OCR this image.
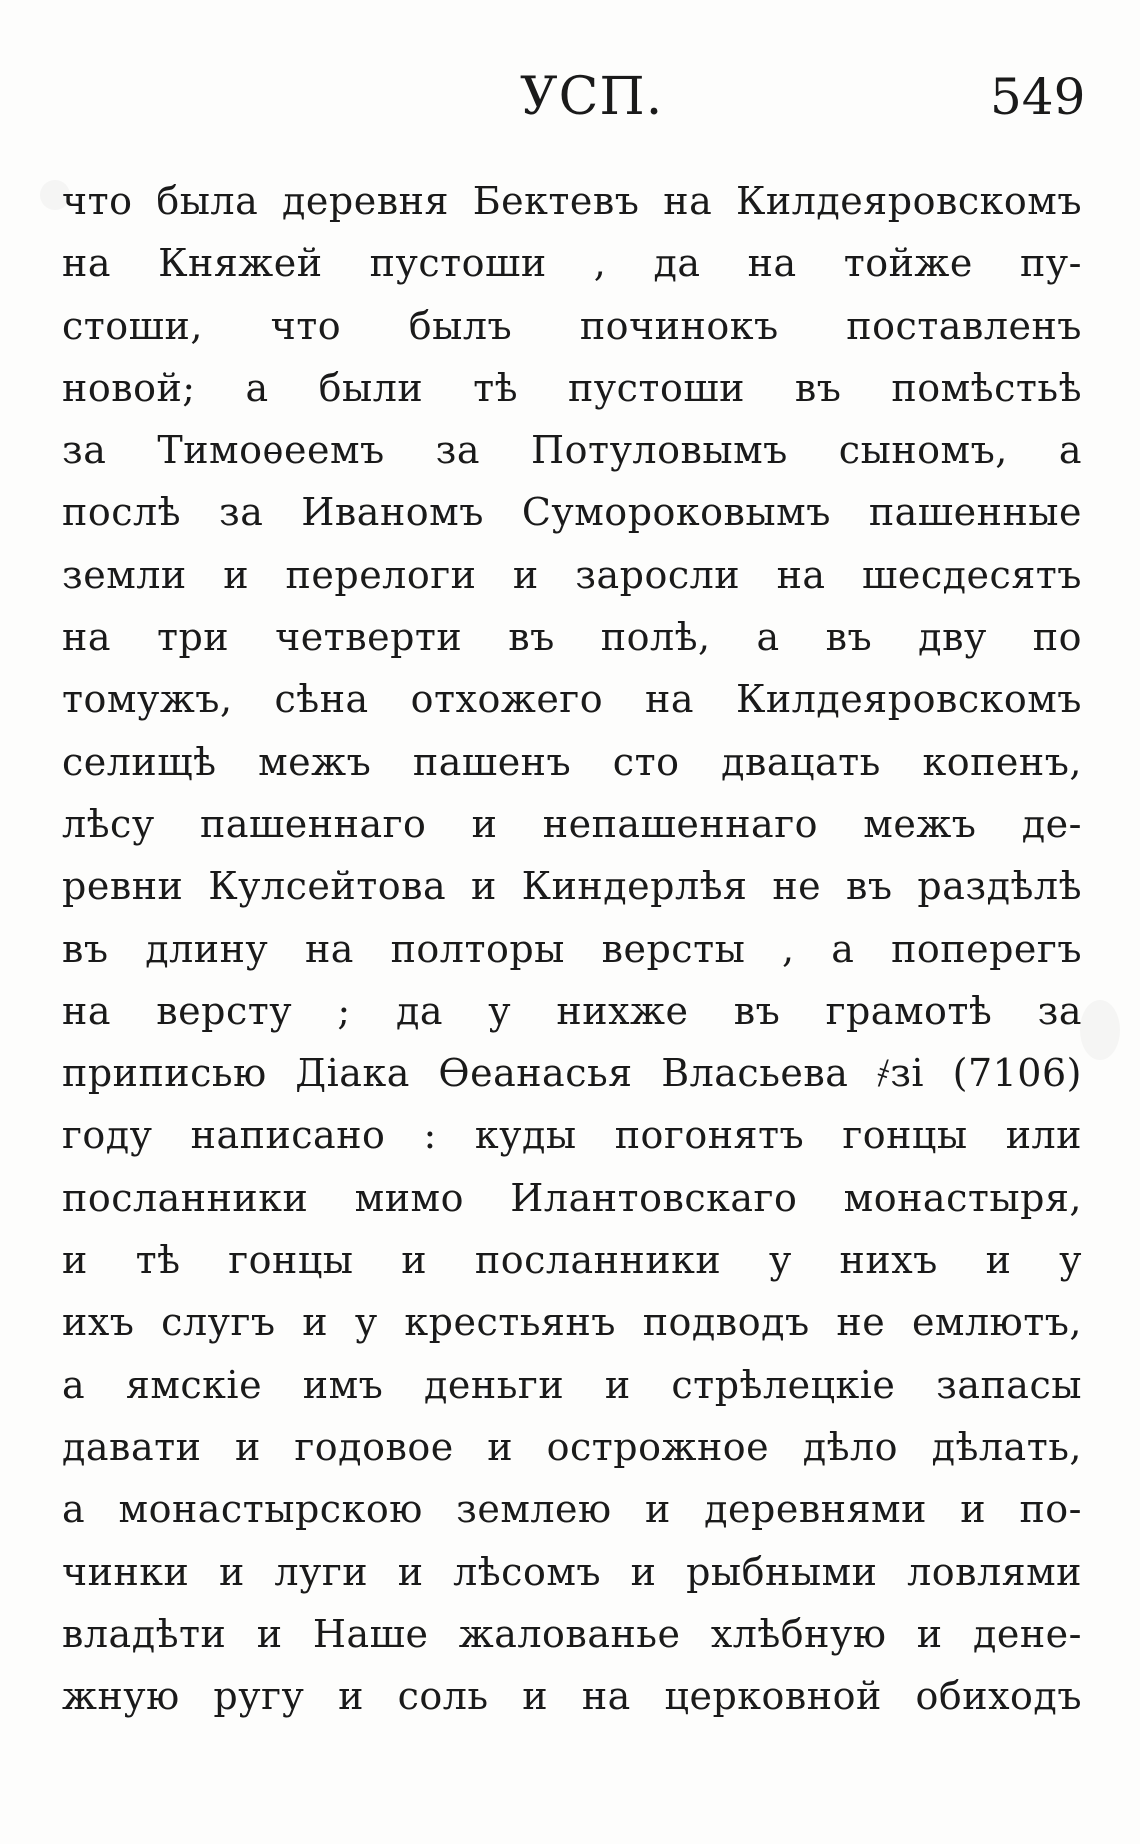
УСП.	549
что была деревня Бектевъ на Килдеяровскомъ
на Княжей пустоши , да на тойже пу-
стоши, что былъ починокъ поставленъ
новой; а были тѣ пустоши въ помѣстьѣ
за Тимоѳеемъ за Потуловымъ сыномъ, а
послѣ за Иваномъ Сумороковымъ пашенные
земли и перелоги и заросли на шесдесятъ
на три четверти въ полѣ, а въ дву по
томужъ, сѣна отхожего на Килдеяровскомъ
селищѣ межъ пашенъ сто двацать копенъ,
лѣсу пашеннаго и непашеннаго межъ де-
ревни Кулсейтова и Киндерлѣя не въ раздѣлѣ
въ длину на полторы версты , а поперегъ
на версту ; да у нихже въ грамотѣ за
приписью Діака Ѳеанасья Власьева ҂зі (7106)
году написано : куды погонятъ гонцы или
посланники мимо Илантовскаго монастыря,
и тѣ гонцы и посланники у нихъ и у
ихъ слугъ и у крестьянъ подводъ не емлютъ,
а ямскіе имъ деньги и стрѣлецкіе запасы
давати и годовое и острожное дѣло дѣлать,
а монастырскою землею и деревнями и по-
чинки и луги и лѣсомъ и рыбными ловлями
владѣти и Наше жалованье хлѣбную и дене-
жную ругу и соль и на церковной обиходъ
